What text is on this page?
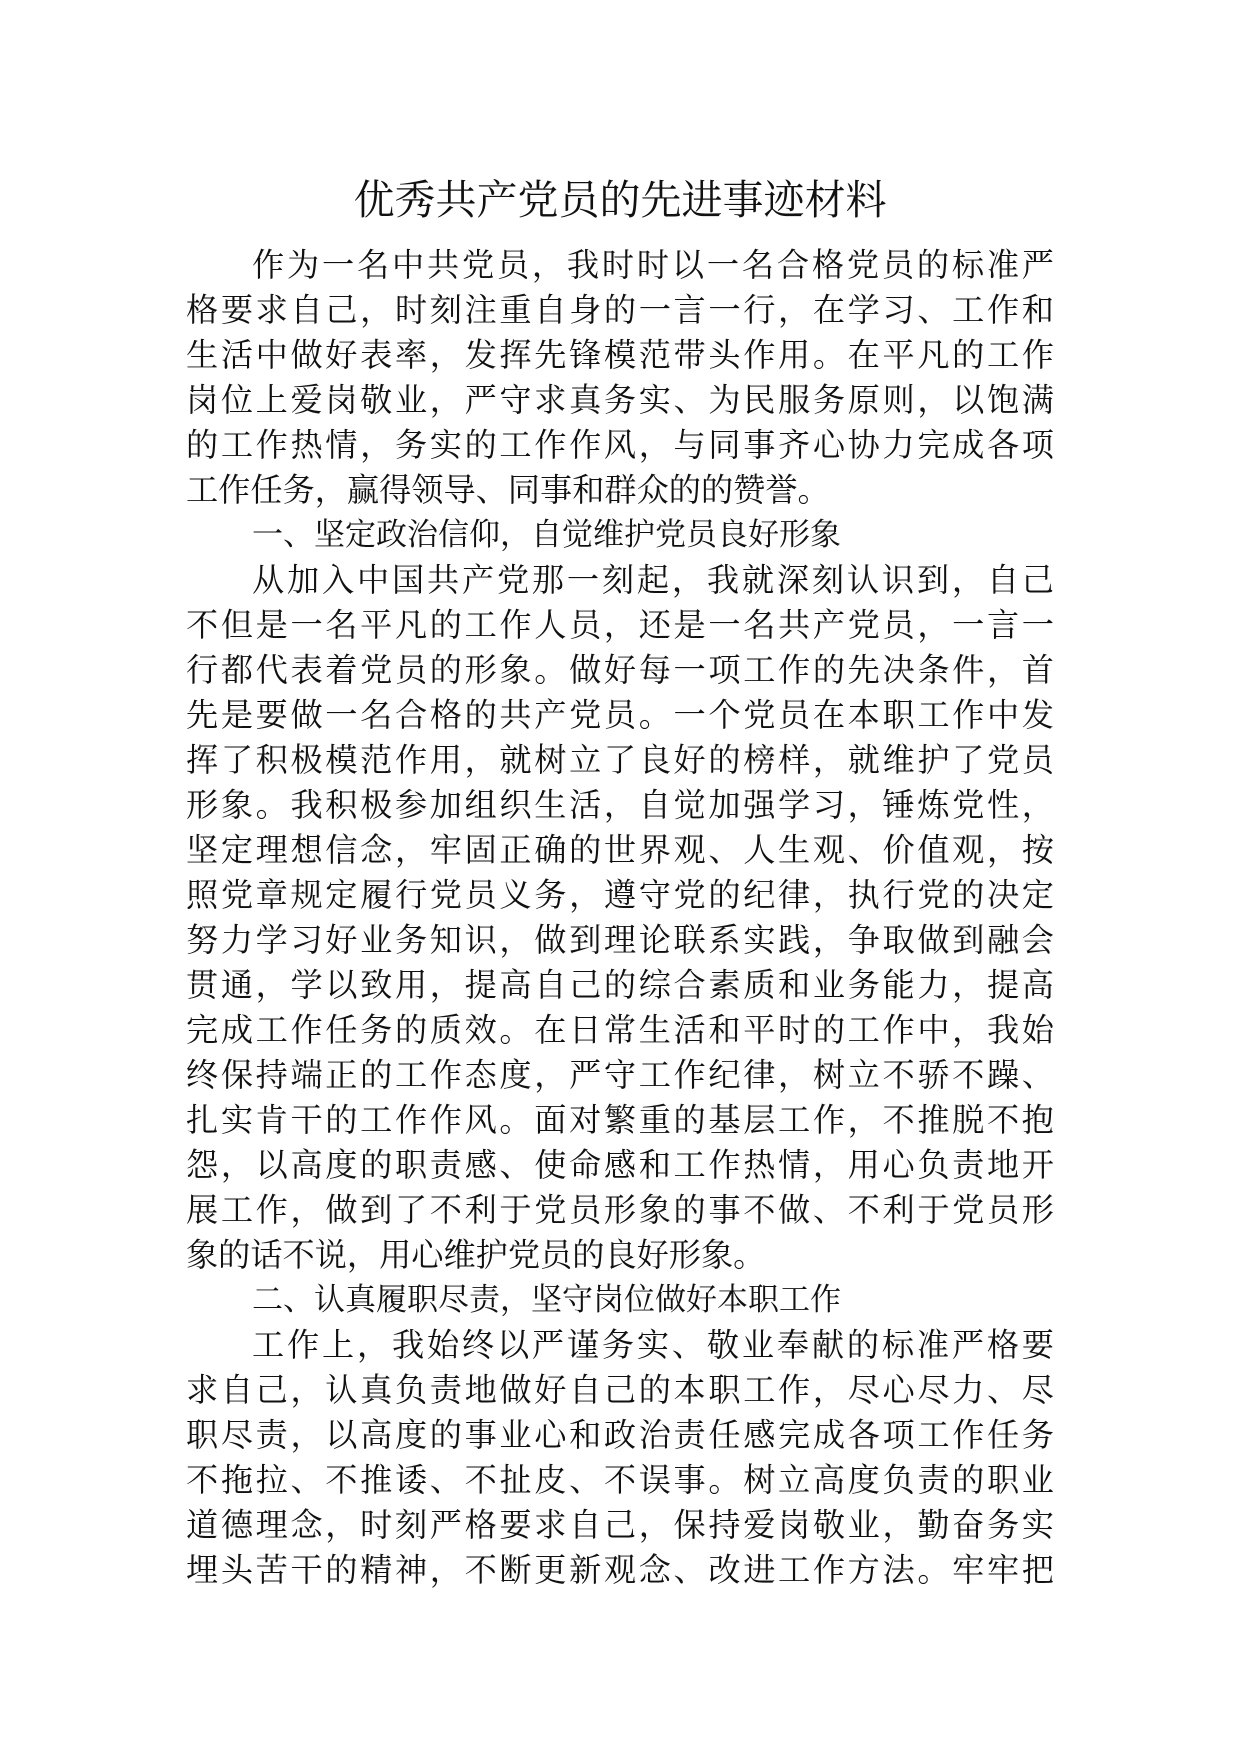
优秀共产党员的先进事迹材料
作为一名中共党员，我时时以一名合格党员的标准严
格要求自己，时刻注重自身的一言一行，在学习、工作和
生活中做好表率，发挥先锋模范带头作用。在平凡的工作
岗位上爱岗敬业，严守求真务实、为民服务原则，以饱满
的工作热情，务实的工作作风，与同事齐心协力完成各项
工作任务，赢得领导、同事和群众的的赞誉。
一、坚定政治信仰，自觉维护党员良好形象
从加入中国共产党那一刻起，我就深刻认识到，自己
不但是一名平凡的工作人员，还是一名共产党员，一言一
行都代表着党员的形象。做好每一项工作的先决条件，首
先是要做一名合格的共产党员。一个党员在本职工作中发
挥了积极模范作用，就树立了良好的榜样，就维护了党员
形象。我积极参加组织生活，自觉加强学习，锤炼党性，
坚定理想信念，牢固正确的世界观、人生观、价值观，按
照党章规定履行党员义务，遵守党的纪律，执行党的决定
努力学习好业务知识，做到理论联系实践，争取做到融会
贯通，学以致用，提高自己的综合素质和业务能力，提高
完成工作任务的质效。在日常生活和平时的工作中，我始
终保持端正的工作态度，严守工作纪律，树立不骄不躁、
扎实肯干的工作作风。面对繁重的基层工作，不推脱不抱
怨，以高度的职责感、使命感和工作热情，用心负责地开
展工作，做到了不利于党员形象的事不做、不利于党员形
象的话不说，用心维护党员的良好形象。
二、认真履职尽责，坚守岗位做好本职工作
工作上，我始终以严谨务实、敬业奉献的标准严格要
求自己，认真负责地做好自己的本职工作，尽心尽力、尽
职尽责，以高度的事业心和政治责任感完成各项工作任务
不拖拉、不推诿、不扯皮、不误事。树立高度负责的职业
道德理念，时刻严格要求自己，保持爱岗敬业，勤奋务实
埋头苦干的精神，不断更新观念、改进工作方法。牢牢把
